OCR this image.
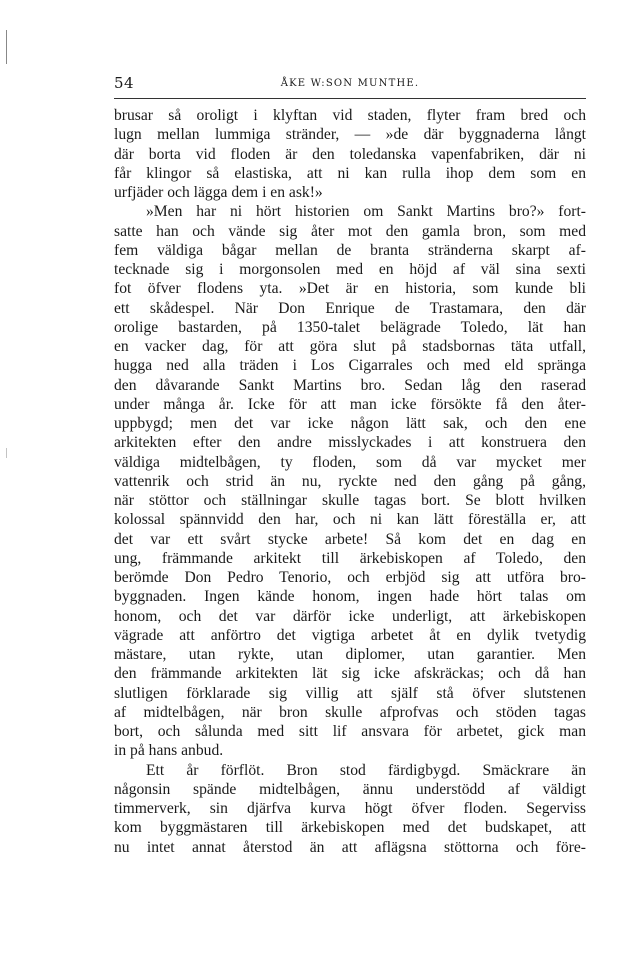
54	ÅKE W:SON MUNTHE.
brusar så oroligt i klyftan vid staden, flyter fram bred och
lugn mellan lummiga stränder, — »de där byggnaderna långt
där borta vid floden är den toledanska vapenfabriken, där ni
får klingor så elastiska, att ni kan rulla ihop dem som en
urfjäder och lägga dem i en ask!»
»Men har ni hört historien om Sankt Martins bro?» fort-
satte han och vände sig åter mot den gamla bron, som med
fem väldiga bågar mellan de branta stränderna skarpt af-
tecknade sig i morgonsolen med en höjd af väl sina sexti
fot öfver flodens yta. »Det är en historia, som kunde bli
ett skådespel. När Don Enrique de Trastamara, den där
orolige bastarden, på 1350-talet belägrade Toledo, lät han
en vacker dag, för att göra slut på stadsbornas täta utfall,
hugga ned alla träden i Los Cigarrales och med eld spränga
den dåvarande Sankt Martins bro. Sedan låg den raserad
under många år. Icke för att man icke försökte få den åter-
uppbygd; men det var icke någon lätt sak, och den ene
arkitekten efter den andre misslyckades i att konstruera den
väldiga midtelbågen, ty floden, som då var mycket mer
vattenrik och strid än nu, ryckte ned den gång på gång,
när stöttor och ställningar skulle tagas bort. Se blott hvilken
kolossal spännvidd den har, och ni kan lätt föreställa er, att
det var ett svårt stycke arbete! Så kom det en dag en
ung, främmande arkitekt till ärkebiskopen af Toledo, den
berömde Don Pedro Tenorio, och erbjöd sig att utföra bro-
byggnaden. Ingen kände honom, ingen hade hört talas om
honom, och det var därför icke underligt, att ärkebiskopen
vägrade att anförtro det vigtiga arbetet åt en dylik tvetydig
mästare, utan rykte, utan diplomer, utan garantier. Men
den främmande arkitekten lät sig icke afskräckas; och då han
slutligen förklarade sig villig att själf stå öfver slutstenen
af midtelbågen, när bron skulle afprofvas och stöden tagas
bort, och sålunda med sitt lif ansvara för arbetet, gick man
in på hans anbud.
Ett år förflöt. Bron stod färdigbygd. Smäckrare än
någonsin spände midtelbågen, ännu understödd af väldigt
timmerverk, sin djärfva kurva högt öfver floden. Segerviss
kom byggmästaren till ärkebiskopen med det budskapet, att
nu intet annat återstod än att aflägsna stöttorna och före-
